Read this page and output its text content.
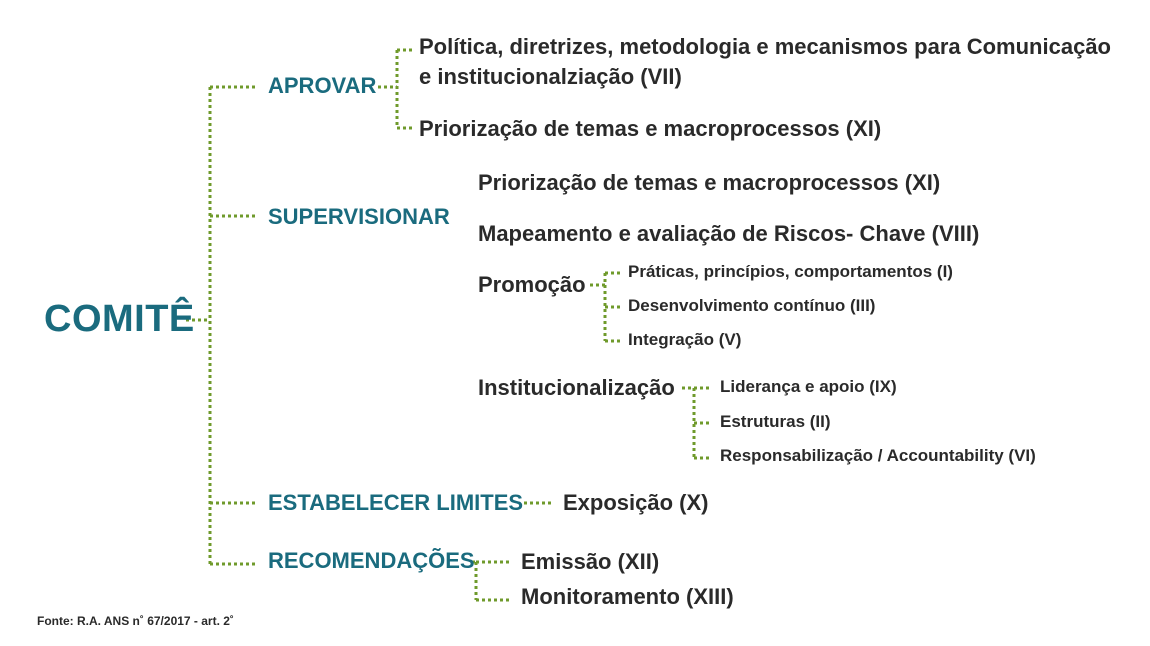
COMITÊ
APROVAR
Política, diretrizes, metodologia e mecanismos para Comunicação
e institucionalziação (VII)
Priorização de temas e macroprocessos (XI)
SUPERVISIONAR
Priorização de temas e macroprocessos (XI)
Mapeamento e avaliação de Riscos- Chave (VIII)
Promoção
Práticas, princípios, comportamentos (I)
Desenvolvimento contínuo (III)
Integração (V)
Institucionalização	Liderança e apoio (IX)
Estruturas (II)
Responsabilização / Accountability (VI)
ESTABELECER LIMITES Exposição (X)
RECOMENDAÇÕES Emissão (XII)
Monitoramento (XIII)
Fonte: R.A. ANS n˚ 67/2017 - art. 2˚
